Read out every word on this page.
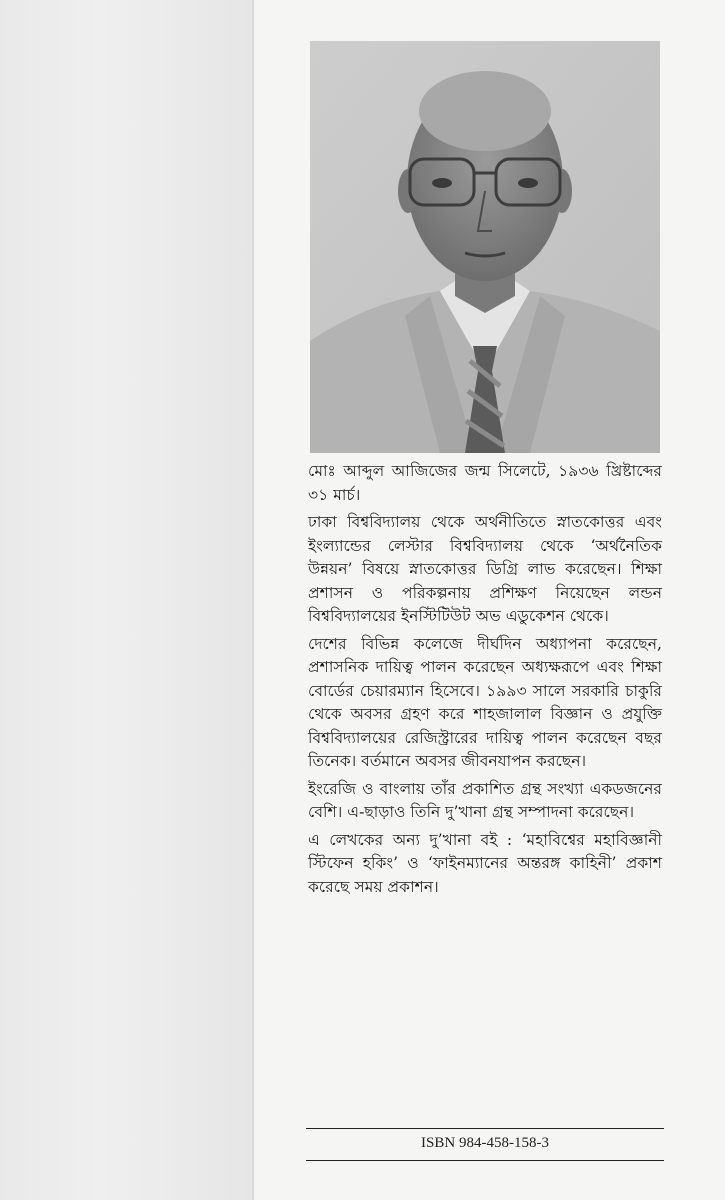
মোঃ আব্দুল আজিজের জন্ম সিলেটে, ১৯৩৬ খ্রিষ্টাব্দের ৩১ মার্চ।

ঢাকা বিশ্ববিদ্যালয় থেকে অর্থনীতিতে স্নাতকোত্তর এবং ইংল্যান্ডের লেস্টার বিশ্ববিদ্যালয় থেকে ‘অর্থনৈতিক উন্নয়ন’ বিষয়ে স্নাতকোত্তর ডিগ্রি লাভ করেছেন। শিক্ষা প্রশাসন ও পরিকল্পনায় প্রশিক্ষণ নিয়েছেন লন্ডন বিশ্ববিদ্যালয়ের ইনস্টিটিউট অভ এডুকেশন থেকে।

দেশের বিভিন্ন কলেজে দীর্ঘদিন অধ্যাপনা করেছেন, প্রশাসনিক দায়িত্ব পালন করেছেন অধ্যক্ষরূপে এবং শিক্ষা বোর্ডের চেয়ারম্যান হিসেবে। ১৯৯৩ সালে সরকারি চাকুরি থেকে অবসর গ্রহণ করে শাহজালাল বিজ্ঞান ও প্রযুক্তি বিশ্ববিদ্যালয়ের রেজিস্ট্রারের দায়িত্ব পালন করেছেন বছর তিনেক। বর্তমানে অবসর জীবনযাপন করছেন।

ইংরেজি ও বাংলায় তাঁর প্রকাশিত গ্রন্থ সংখ্যা একডজনের বেশি। এ-ছাড়াও তিনি দু’খানা গ্রন্থ সম্পাদনা করেছেন।

এ লেখকের অন্য দু’খানা বই : ‘মহাবিশ্বের মহাবিজ্ঞানী স্টিফেন হকিং’ ও ‘ফাইনম্যানের অন্তরঙ্গ কাহিনী’ প্রকাশ করেছে সময় প্রকাশন।

ISBN 984-458-158-3
